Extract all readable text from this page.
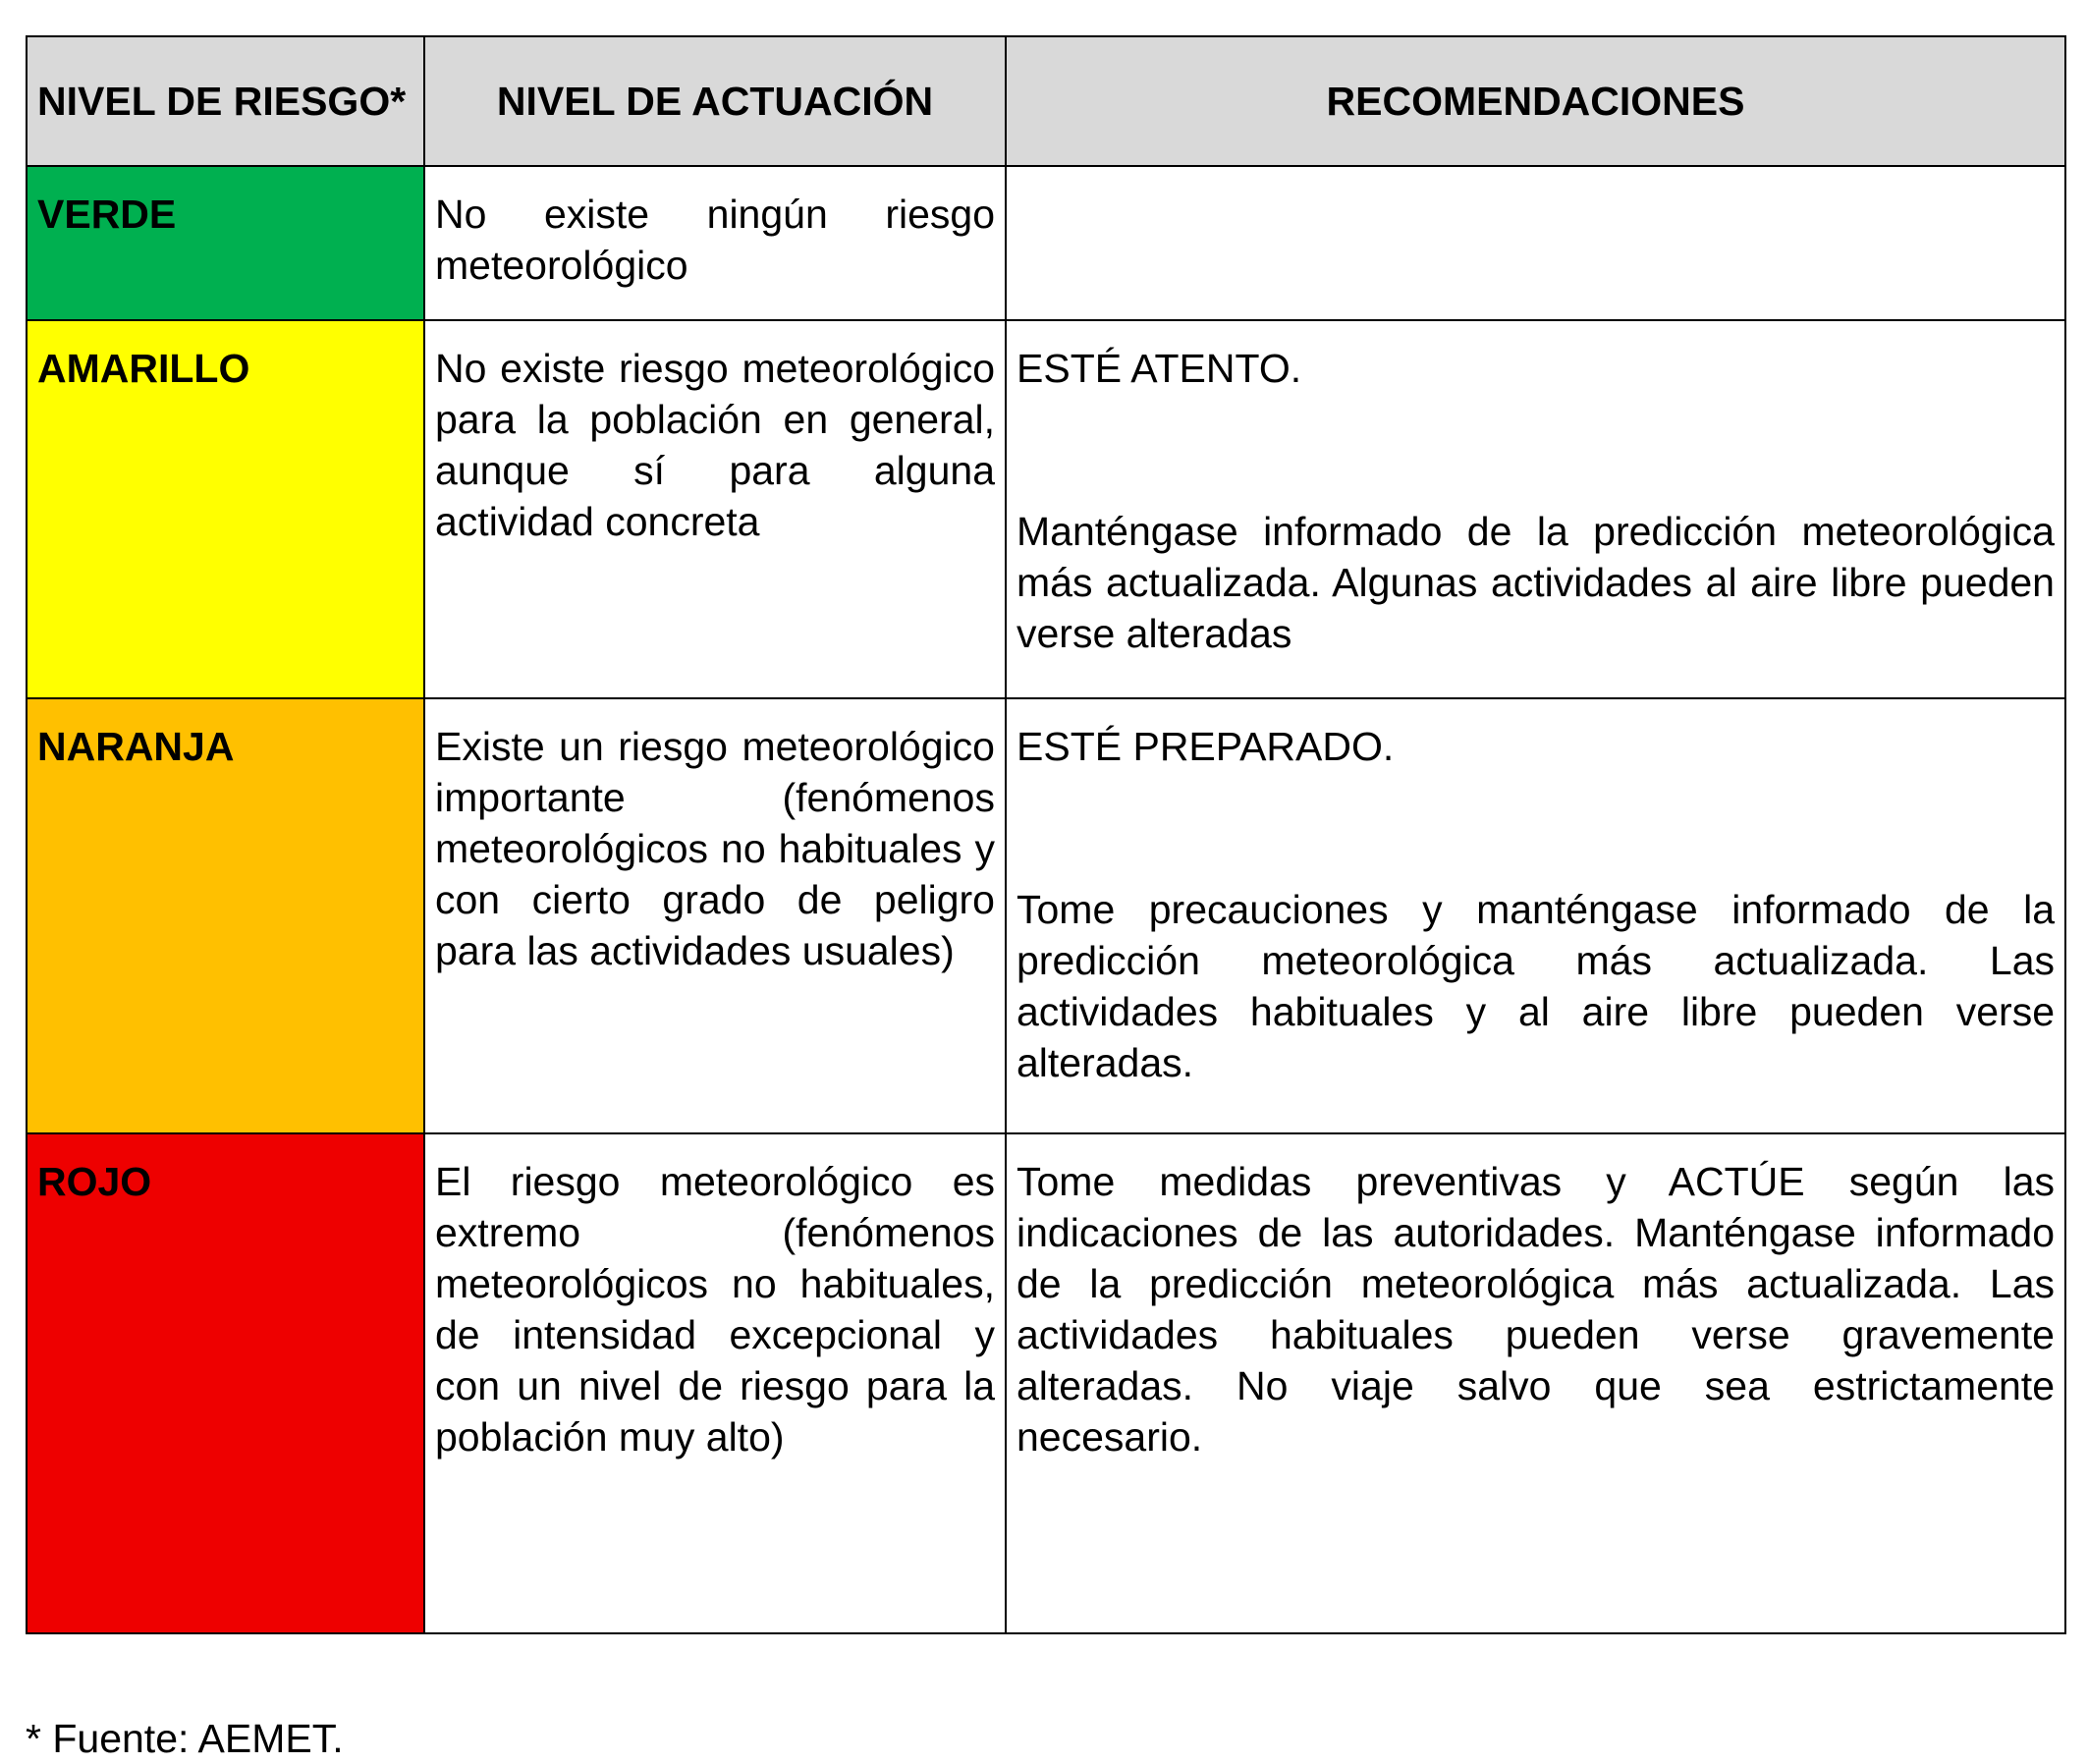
NIVEL DE RIESGO*	NIVEL DE ACTUACIÓN	RECOMENDACIONES
VERDE	No existe ningún riesgo meteorológico	
AMARILLO	No existe riesgo meteorológico para la población en general, aunque sí para alguna actividad concreta	ESTÉ ATENTO.
Manténgase informado de la predicción meteorológica más actualizada. Algunas actividades al aire libre pueden verse alteradas

NARANJA	Existe un riesgo meteorológico importante (fenómenos meteorológicos no habituales y con cierto grado de peligro para las actividades usuales)	ESTÉ PREPARADO.
Tome precauciones y manténgase informado de la predicción meteorológica más actualizada. Las actividades habituales y al aire libre pueden verse alteradas.

ROJO	El riesgo meteorológico es extremo (fenómenos meteorológicos no habituales, de intensidad excepcional y con un nivel de riesgo para la población muy alto)	Tome medidas preventivas y ACTÚE según las indicaciones de las autoridades. Manténgase informado de la predicción meteorológica más actualizada. Las actividades habituales pueden verse gravemente alteradas. No viaje salvo que sea estrictamente necesario.
* Fuente: AEMET.
